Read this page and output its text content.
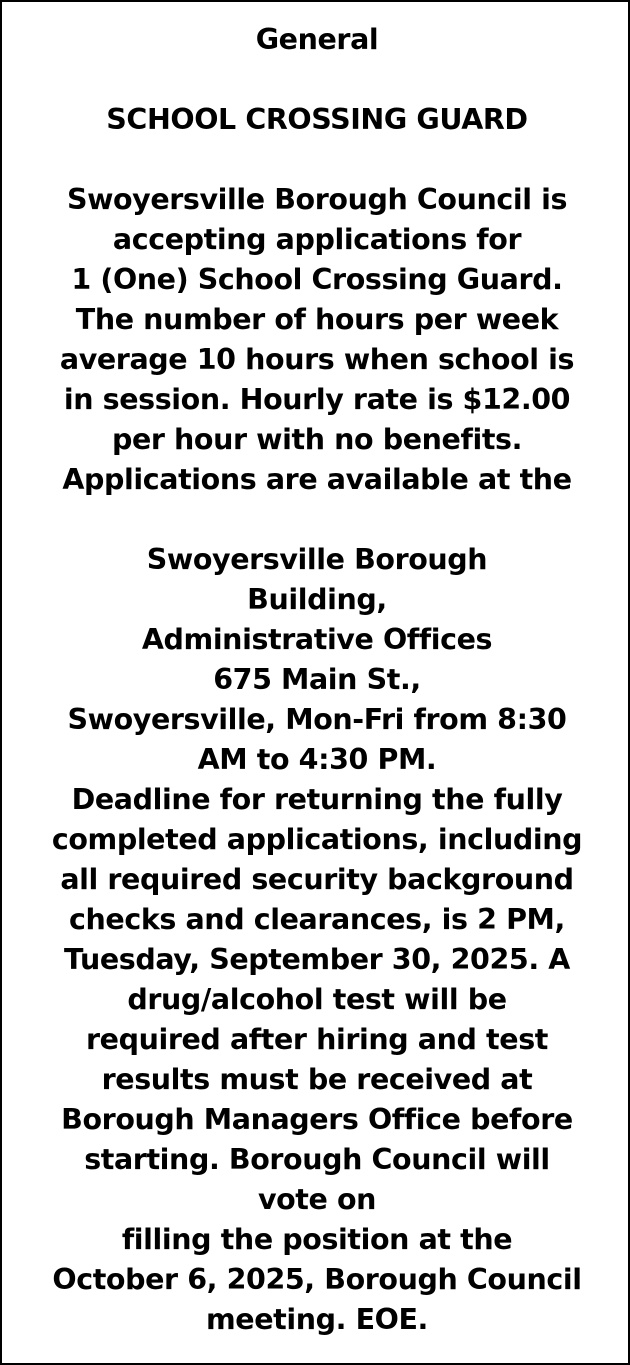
General
SCHOOL CROSSING GUARD
Swoyersville Borough Council is
accepting applications for
1 (One) School Crossing Guard.
The number of hours per week
average 10 hours when school is
in session. Hourly rate is $12.00
per hour with no benefits.
Applications are available at the
Swoyersville Borough
Building,
Administrative Offices
675 Main St.,
Swoyersville, Mon-Fri from 8:30
AM to 4:30 PM.
Deadline for returning the fully
completed applications, including
all required security background
checks and clearances, is 2 PM,
Tuesday, September 30, 2025. A
drug/alcohol test will be
required after hiring and test
results must be received at
Borough Managers Office before
starting. Borough Council will
vote on
filling the position at the
October 6, 2025, Borough Council
meeting. EOE.
